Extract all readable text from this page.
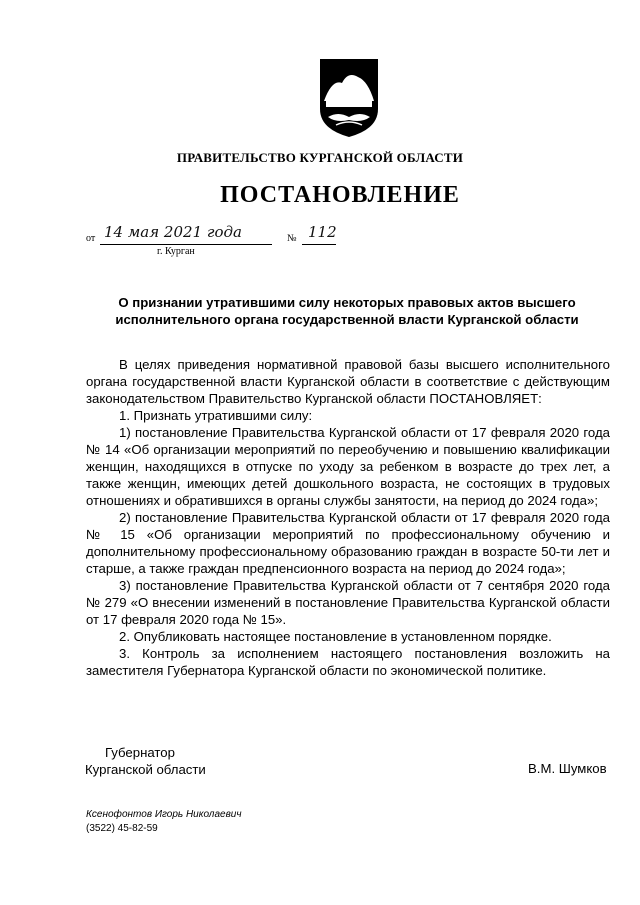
ПРАВИТЕЛЬСТВО КУРГАНСКОЙ ОБЛАСТИ
ПОСТАНОВЛЕНИЕ
от 14 мая 2021 года	№ 112
г. Курган
О признании утратившими силу некоторых правовых актов высшего исполнительного органа государственной власти Курганской области

В целях приведения нормативной правовой базы высшего исполнительного органа государственной власти Курганской области в соответствие с действующим законодательством Правительство Курганской области ПОСТАНОВЛЯЕТ:

1. Признать утратившими силу:

1) постановление Правительства Курганской области от 17 февраля 2020 года № 14 «Об организации мероприятий по переобучению и повышению квалификации женщин, находящихся в отпуске по уходу за ребенком в возрасте до трех лет, а также женщин, имеющих детей дошкольного возраста, не состоящих в трудовых отношениях и обратившихся в органы службы занятости, на период до 2024 года»;

2) постановление Правительства Курганской области от 17 февраля 2020 года № 15 «Об организации мероприятий по профессиональному обучению и дополнительному профессиональному образованию граждан в возрасте 50-ти лет и старше, а также граждан предпенсионного возраста на период до 2024 года»;

3) постановление Правительства Курганской области от 7 сентября 2020 года № 279 «О внесении изменений в постановление Правительства Курганской области от 17 февраля 2020 года № 15».

2. Опубликовать настоящее постановление в установленном порядке.

3. Контроль за исполнением настоящего постановления возложить на заместителя Губернатора Курганской области по экономической политике.

Губернатор
Курганской области	В.М. Шумков
Ксенофонтов Игорь Николаевич
(3522) 45-82-59
